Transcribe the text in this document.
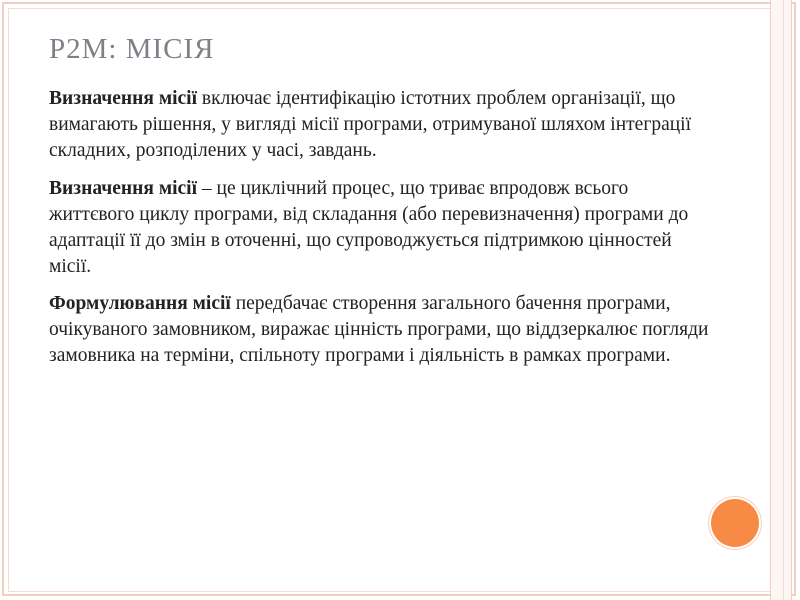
P2M: МІСІЯ

Визначення місії включає ідентифікацію істотних проблем організації, що вимагають рішення, у вигляді місії програми, отримуваної шляхом інтеграції складних, розподілених у часі, завдань.

Визначення місії – це циклічний процес, що триває впродовж всього життєвого циклу програми, від складання (або перевизначення) програми до адаптації її до змін в оточенні, що супроводжується підтримкою цінностей місії.

Формулювання місії передбачає створення загального бачення програми, очікуваного замовником, виражає цінність програми, що віддзеркалює погляди замовника на терміни, спільноту програми і діяльність в рамках програми.
